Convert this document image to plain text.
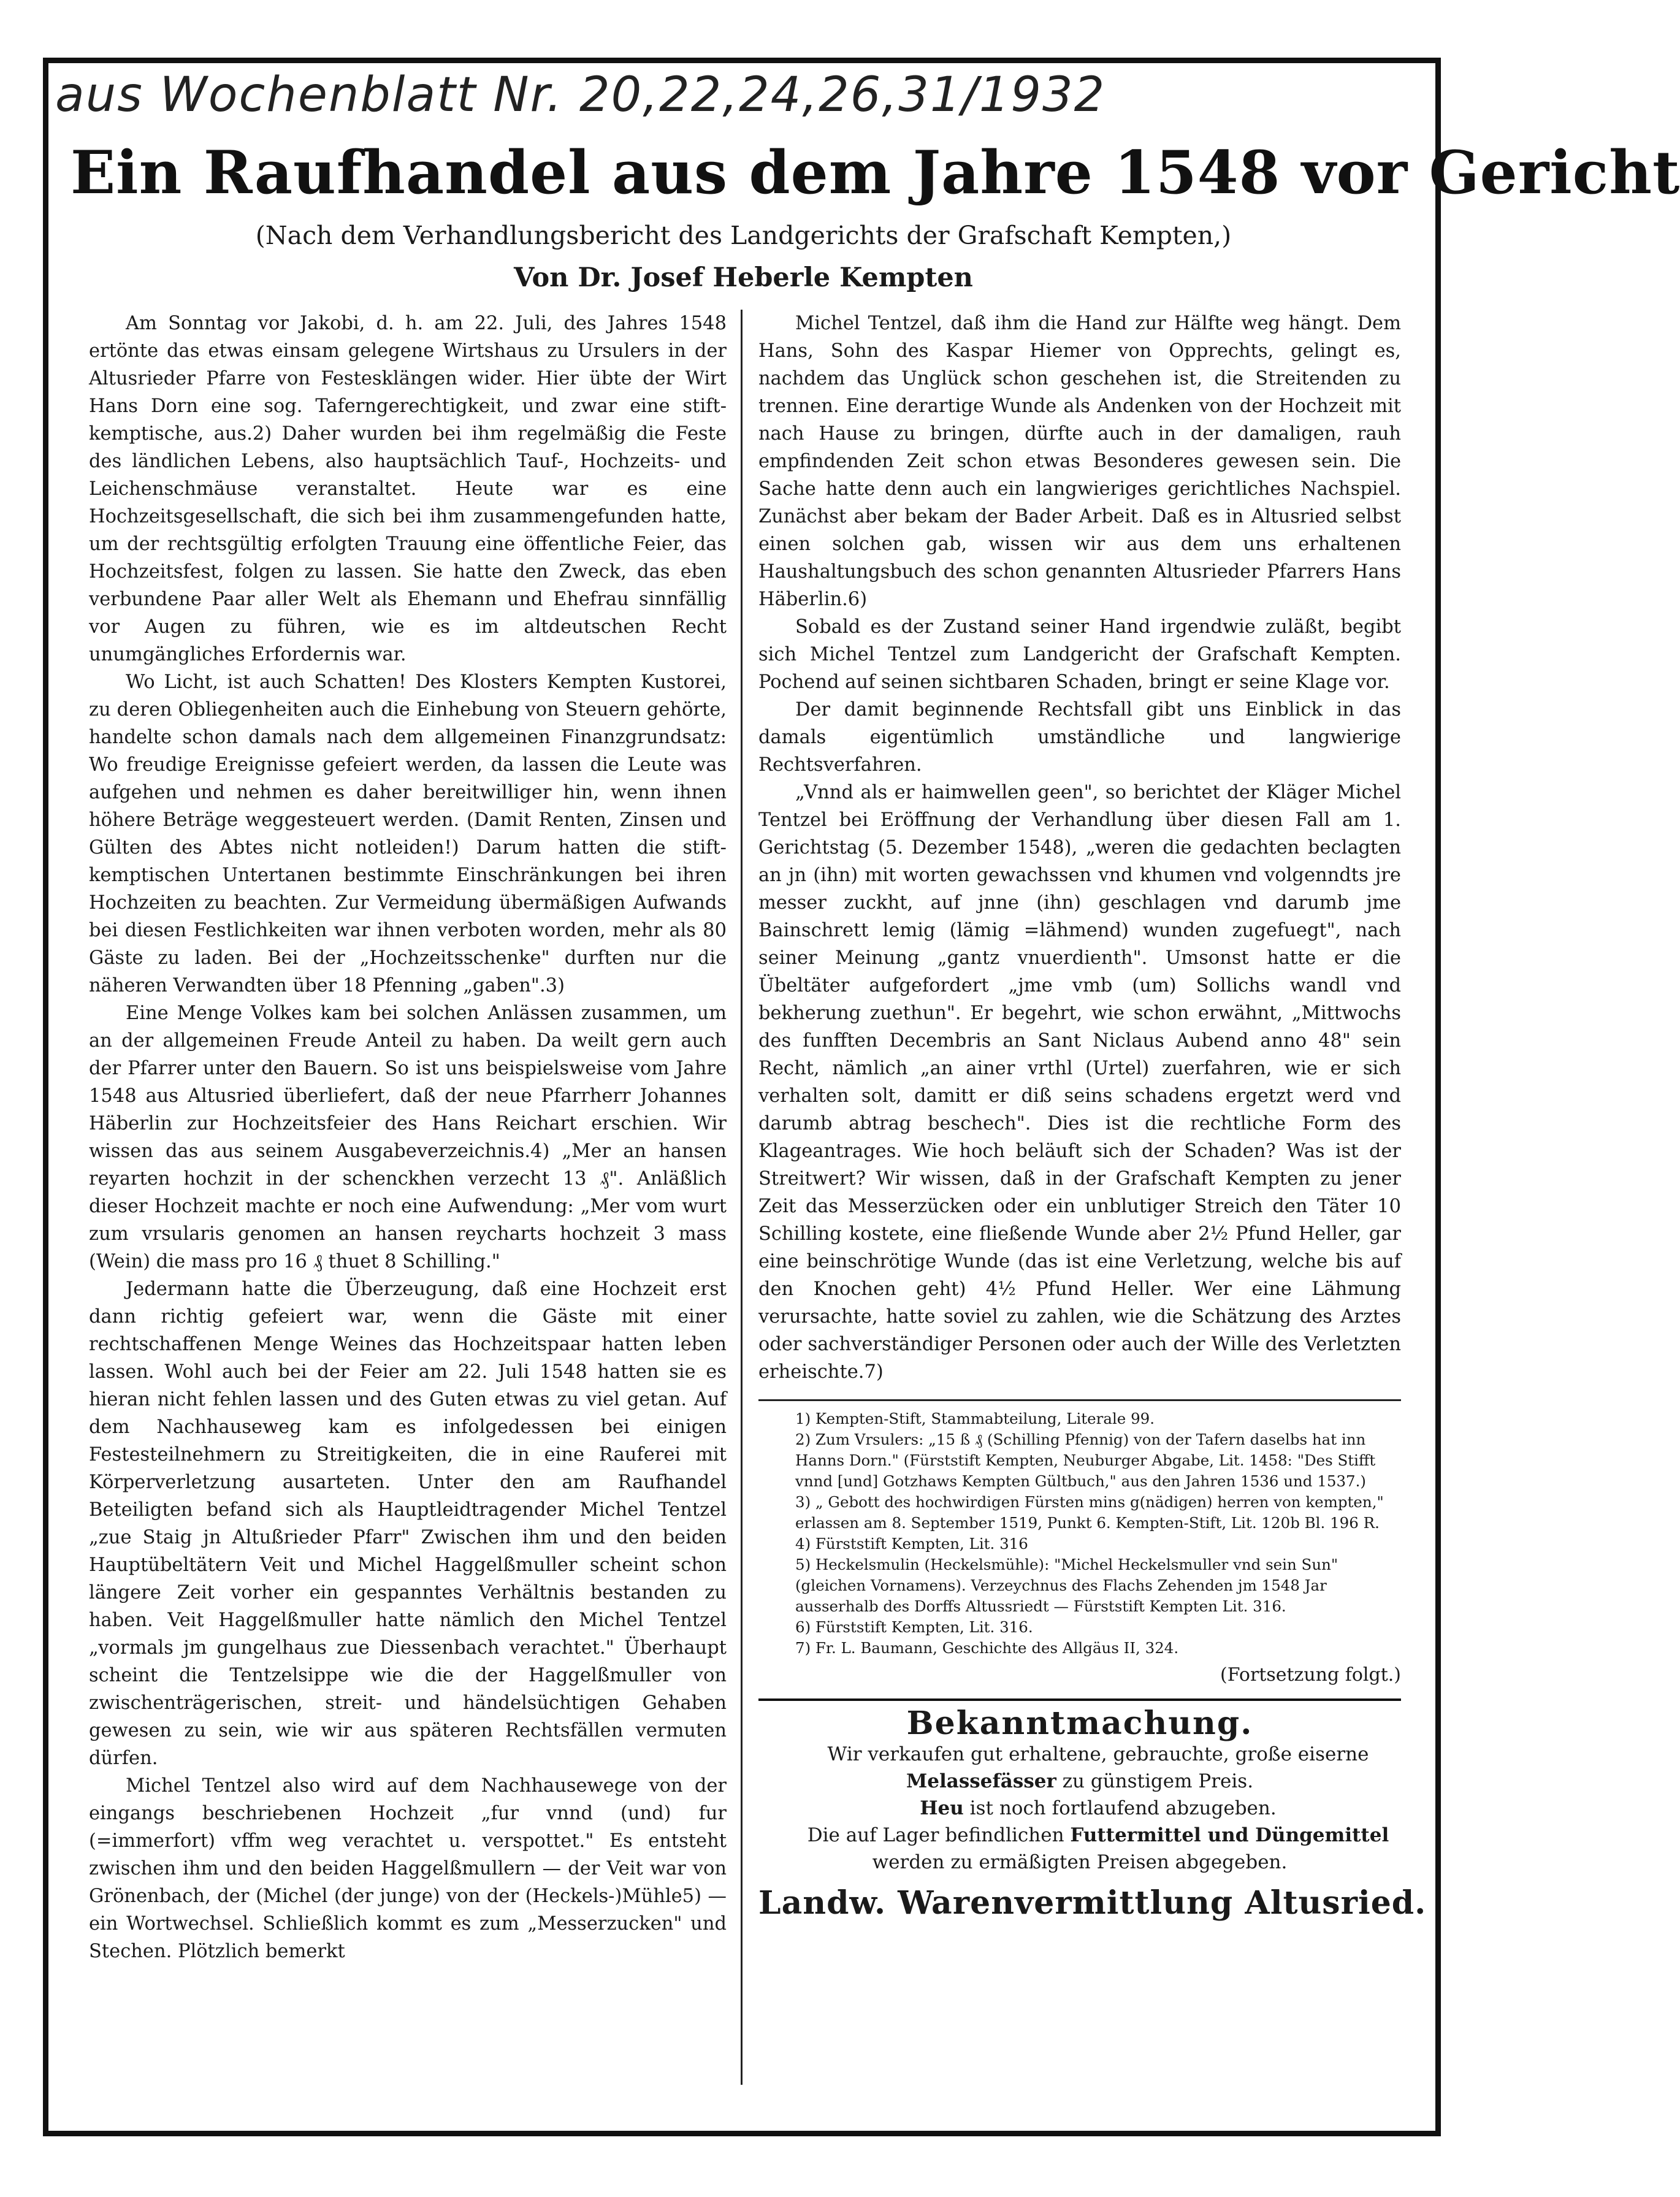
aus Wochenblatt Nr. 20,22,24,26,31/1932
Ein Raufhandel aus dem Jahre 1548 vor Gericht
(Nach dem Verhandlungsbericht des Landgerichts der Grafschaft Kempten,)
Von Dr. Josef Heberle Kempten

Am Sonntag vor Jakobi, d. h. am 22. Juli, des Jahres 1548 ertönte das etwas einsam gelegene Wirtshaus zu Ursulers in der Altusrieder Pfarre von Festesklängen wider. Hier übte der Wirt Hans Dorn eine sog. Taferngerechtigkeit, und zwar eine stift-kemptische, aus.2) Daher wurden bei ihm regelmäßig die Feste des ländlichen Lebens, also hauptsächlich Tauf-, Hochzeits- und Leichenschmäuse veranstaltet. Heute war es eine Hochzeitsgesellschaft, die sich bei ihm zusammengefunden hatte, um der rechtsgültig erfolgten Trauung eine öffentliche Feier, das Hochzeitsfest, folgen zu lassen. Sie hatte den Zweck, das eben verbundene Paar aller Welt als Ehemann und Ehefrau sinnfällig vor Augen zu führen, wie es im altdeutschen Recht unumgängliches Erfordernis war.

Wo Licht, ist auch Schatten! Des Klosters Kempten Kustorei, zu deren Obliegenheiten auch die Einhebung von Steuern gehörte, handelte schon damals nach dem allgemeinen Finanzgrundsatz: Wo freudige Ereignisse gefeiert werden, da lassen die Leute was aufgehen und nehmen es daher bereitwilliger hin, wenn ihnen höhere Beträge weggesteuert werden. (Damit Renten, Zinsen und Gülten des Abtes nicht notleiden!) Darum hatten die stift-kemptischen Untertanen bestimmte Einschränkungen bei ihren Hochzeiten zu beachten. Zur Vermeidung übermäßigen Aufwands bei diesen Festlichkeiten war ihnen verboten worden, mehr als 80 Gäste zu laden. Bei der „Hochzeitsschenke" durften nur die näheren Verwandten über 18 Pfenning „gaben".3)

Eine Menge Volkes kam bei solchen Anlässen zusammen, um an der allgemeinen Freude Anteil zu haben. Da weilt gern auch der Pfarrer unter den Bauern. So ist uns beispielsweise vom Jahre 1548 aus Altusried überliefert, daß der neue Pfarrherr Johannes Häberlin zur Hochzeitsfeier des Hans Reichart erschien. Wir wissen das aus seinem Ausgabeverzeichnis.4) „Mer an hansen reyarten hochzit in der schenckhen verzecht 13 ₰". Anläßlich dieser Hochzeit machte er noch eine Aufwendung: „Mer vom wurt zum vrsularis genomen an hansen reycharts hochzeit 3 mass (Wein) die mass pro 16 ₰ thuet 8 Schilling."

Jedermann hatte die Überzeugung, daß eine Hochzeit erst dann richtig gefeiert war, wenn die Gäste mit einer rechtschaffenen Menge Weines das Hochzeitspaar hatten leben lassen. Wohl auch bei der Feier am 22. Juli 1548 hatten sie es hieran nicht fehlen lassen und des Guten etwas zu viel getan. Auf dem Nachhauseweg kam es infolgedessen bei einigen Festesteilnehmern zu Streitigkeiten, die in eine Rauferei mit Körperverletzung ausarteten. Unter den am Raufhandel Beteiligten befand sich als Hauptleidtragender Michel Tentzel „zue Staig jn Altußrieder Pfarr" Zwischen ihm und den beiden Hauptübeltätern Veit und Michel Haggelßmuller scheint schon längere Zeit vorher ein gespanntes Verhältnis bestanden zu haben. Veit Haggelßmuller hatte nämlich den Michel Tentzel „vormals jm gungelhaus zue Diessenbach verachtet." Überhaupt scheint die Tentzelsippe wie die der Haggelßmuller von zwischenträgerischen, streit- und händelsüchtigen Gehaben gewesen zu sein, wie wir aus späteren Rechtsfällen vermuten dürfen.

Michel Tentzel also wird auf dem Nachhausewege von der eingangs beschriebenen Hochzeit „fur vnnd (und) fur (=immerfort) vffm weg verachtet u. verspottet." Es entsteht zwischen ihm und den beiden Haggelßmullern — der Veit war von Grönenbach, der (Michel (der junge) von der (Heckels-)Mühle5) — ein Wortwechsel. Schließlich kommt es zum „Messerzucken" und Stechen. Plötzlich bemerkt

Michel Tentzel, daß ihm die Hand zur Hälfte weg hängt. Dem Hans, Sohn des Kaspar Hiemer von Opprechts, gelingt es, nachdem das Unglück schon geschehen ist, die Streitenden zu trennen. Eine derartige Wunde als Andenken von der Hochzeit mit nach Hause zu bringen, dürfte auch in der damaligen, rauh empfindenden Zeit schon etwas Besonderes gewesen sein. Die Sache hatte denn auch ein langwieriges gerichtliches Nachspiel. Zunächst aber bekam der Bader Arbeit. Daß es in Altusried selbst einen solchen gab, wissen wir aus dem uns erhaltenen Haushaltungsbuch des schon genannten Altusrieder Pfarrers Hans Häberlin.6)

Sobald es der Zustand seiner Hand irgendwie zuläßt, begibt sich Michel Tentzel zum Landgericht der Grafschaft Kempten. Pochend auf seinen sichtbaren Schaden, bringt er seine Klage vor.

Der damit beginnende Rechtsfall gibt uns Einblick in das damals eigentümlich umständliche und langwierige Rechtsverfahren.

„Vnnd als er haimwellen geen", so berichtet der Kläger Michel Tentzel bei Eröffnung der Verhandlung über diesen Fall am 1. Gerichtstag (5. Dezember 1548), „weren die gedachten beclagten an jn (ihn) mit worten gewachssen vnd khumen vnd volgenndts jre messer zuckht, auf jnne (ihn) geschlagen vnd darumb jme Bainschrett lemig (lämig =lähmend) wunden zugefuegt", nach seiner Meinung „gantz vnuerdienth". Umsonst hatte er die Übeltäter aufgefordert „jme vmb (um) Sollichs wandl vnd bekherung zuethun". Er begehrt, wie schon erwähnt, „Mittwochs des funfften Decembris an Sant Niclaus Aubend anno 48" sein Recht, nämlich „an ainer vrthl (Urtel) zuerfahren, wie er sich verhalten solt, damitt er diß seins schadens ergetzt werd vnd darumb abtrag beschech". Dies ist die rechtliche Form des Klageantrages. Wie hoch beläuft sich der Schaden? Was ist der Streitwert? Wir wissen, daß in der Grafschaft Kempten zu jener Zeit das Messerzücken oder ein unblutiger Streich den Täter 10 Schilling kostete, eine fließende Wunde aber 2½ Pfund Heller, gar eine beinschrötige Wunde (das ist eine Verletzung, welche bis auf den Knochen geht) 4½ Pfund Heller. Wer eine Lähmung verursachte, hatte soviel zu zahlen, wie die Schätzung des Arztes oder sachverständiger Personen oder auch der Wille des Verletzten erheischte.7)

1) Kempten-Stift, Stammabteilung, Literale 99.
2) Zum Vrsulers: „15 ß ₰ (Schilling Pfennig) von der Tafern daselbs hat inn Hanns Dorn." (Fürststift Kempten, Neuburger Abgabe, Lit. 1458: "Des Stifft vnnd [und] Gotzhaws Kempten Gültbuch," aus den Jahren 1536 und 1537.)
3) „ Gebott des hochwirdigen Fürsten mins g(nädigen) herren von kempten," erlassen am 8. September 1519, Punkt 6. Kempten-Stift, Lit. 120b Bl. 196 R.
4) Fürststift Kempten, Lit. 316
5) Heckelsmulin (Heckelsmühle): "Michel Heckelsmuller vnd sein Sun" (gleichen Vornamens). Verzeychnus des Flachs Zehenden jm 1548 Jar ausserhalb des Dorffs Altussriedt — Fürststift Kempten Lit. 316.
6) Fürststift Kempten, Lit. 316.
7) Fr. L. Baumann, Geschichte des Allgäus II, 324.
(Fortsetzung folgt.)
Bekanntmachung.

Wir verkaufen gut erhaltene, gebrauchte, große eiserne Melassefässer zu günstigem Preis.

Heu ist noch fortlaufend abzugeben.

Die auf Lager befindlichen Futtermittel und Düngemittel werden zu ermäßigten Preisen abgegeben.

Landw. Warenvermittlung Altusried.
